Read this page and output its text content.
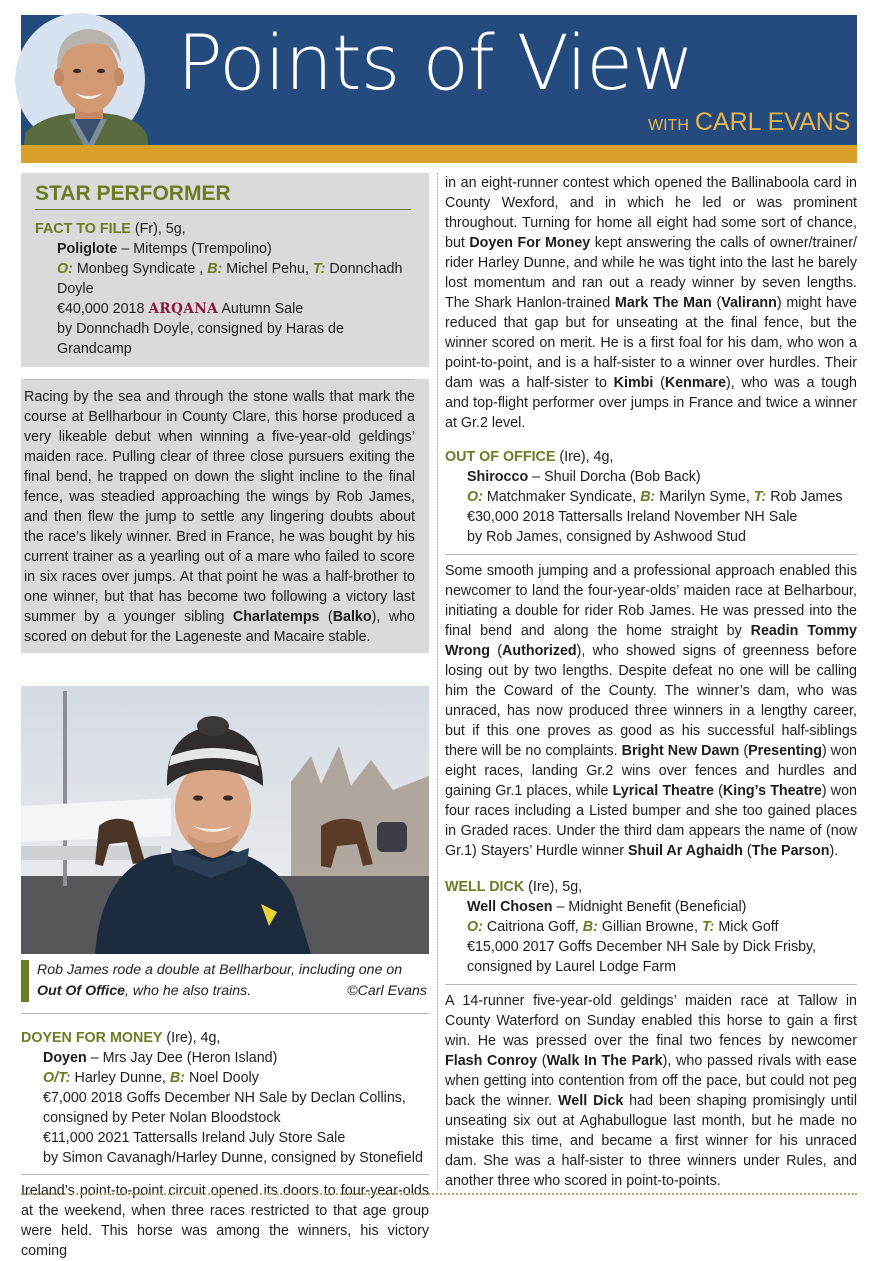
Points of View
WITH CARL EVANS
STAR PERFORMER
FACT TO FILE (Fr), 5g,
Poliglote – Mitemps (Trempolino)
O: Monbeg Syndicate , B: Michel Pehu, T: Donnchadh Doyle
€40,000 2018 ARQANA Autumn Sale
by Donnchadh Doyle, consigned by Haras de Grandcamp

Racing by the sea and through the stone walls that mark the course at Bellharbour in County Clare, this horse produced a very likeable debut when winning a five-year-old geldings’ maiden race. Pulling clear of three close pursuers exiting the final bend, he trapped on down the slight incline to the final fence, was steadied approaching the wings by Rob James, and then flew the jump to settle any lingering doubts about the race’s likely winner. Bred in France, he was bought by his current trainer as a yearling out of a mare who failed to score in six races over jumps. At that point he was a half-brother to one winner, but that has become two following a victory last summer by a younger sibling Charlatemps (Balko), who scored on debut for the Lageneste and Macaire stable.

Rob James rode a double at Bellharbour, including one on
Out Of Office, who he also trains.	©Carl Evans
DOYEN FOR MONEY (Ire), 4g,
Doyen – Mrs Jay Dee (Heron Island)
O/T: Harley Dunne, B: Noel Dooly
€7,000 2018 Goffs December NH Sale by Declan Collins,
consigned by Peter Nolan Bloodstock
€11,000 2021 Tattersalls Ireland July Store Sale
by Simon Cavanagh/Harley Dunne, consigned by Stonefield

Ireland’s point-to-point circuit opened its doors to four-year-olds at the weekend, when three races restricted to that age group were held. This horse was among the winners, his victory coming

in an eight-runner contest which opened the Ballinaboola card in County Wexford, and in which he led or was prominent throughout. Turning for home all eight had some sort of chance, but Doyen For Money kept answering the calls of owner/trainer/ rider Harley Dunne, and while he was tight into the last he barely lost momentum and ran out a ready winner by seven lengths. The Shark Hanlon-trained Mark The Man (Valirann) might have reduced that gap but for unseating at the final fence, but the winner scored on merit. He is a first foal for his dam, who won a point-to-point, and is a half-sister to a winner over hurdles. Their dam was a half-sister to Kimbi (Kenmare), who was a tough and top-flight performer over jumps in France and twice a winner at Gr.2 level.

OUT OF OFFICE (Ire), 4g,
Shirocco – Shuil Dorcha (Bob Back)
O: Matchmaker Syndicate, B: Marilyn Syme, T: Rob James
€30,000 2018 Tattersalls Ireland November NH Sale
by Rob James, consigned by Ashwood Stud

Some smooth jumping and a professional approach enabled this newcomer to land the four-year-olds’ maiden race at Belharbour, initiating a double for rider Rob James. He was pressed into the final bend and along the home straight by Readin Tommy Wrong (Authorized), who showed signs of greenness before losing out by two lengths. Despite defeat no one will be calling him the Coward of the County. The winner’s dam, who was unraced, has now produced three winners in a lengthy career, but if this one proves as good as his successful half-siblings there will be no complaints. Bright New Dawn (Presenting) won eight races, landing Gr.2 wins over fences and hurdles and gaining Gr.1 places, while Lyrical Theatre (King’s Theatre) won four races including a Listed bumper and she too gained places in Graded races. Under the third dam appears the name of (now Gr.1) Stayers’ Hurdle winner Shuil Ar Aghaidh (The Parson).

WELL DICK (Ire), 5g,
Well Chosen – Midnight Benefit (Beneficial)
O: Caitriona Goff, B: Gillian Browne, T: Mick Goff
€15,000 2017 Goffs December NH Sale by Dick Frisby,
consigned by Laurel Lodge Farm

A 14-runner five-year-old geldings’ maiden race at Tallow in County Waterford on Sunday enabled this horse to gain a first win. He was pressed over the final two fences by newcomer Flash Conroy (Walk In The Park), who passed rivals with ease when getting into contention from off the pace, but could not peg back the winner. Well Dick had been shaping promisingly until unseating six out at Aghabullogue last month, but he made no mistake this time, and became a first winner for his unraced dam. She was a half-sister to three winners under Rules, and another three who scored in point-to-points.
